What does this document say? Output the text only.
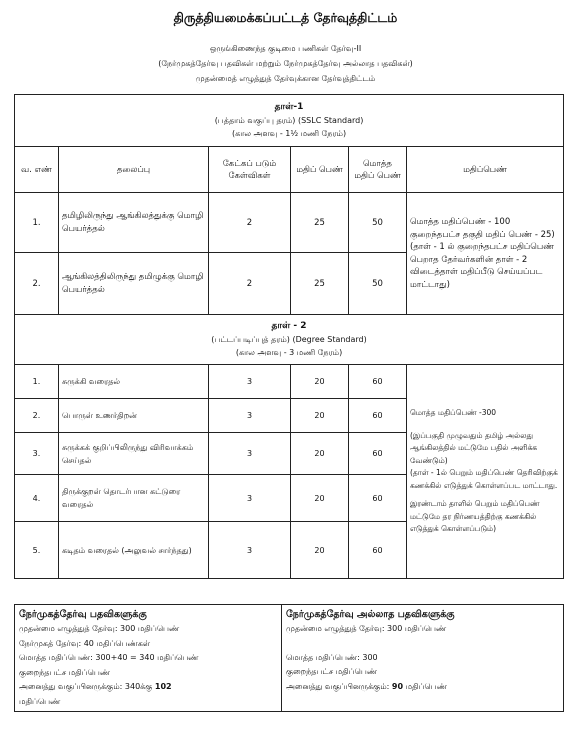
திருத்தியமைக்கப்பட்டத் தேர்வுத்திட்டம்
ஒருங்கிணைந்த குடிமை பணிகள் தேர்வு-II
(நேர்முகத்தேர்வு பதவிகள் மற்றும் நேர்முகத்தேர்வு அல்லாத பதவிகள்)
முதன்மைத் எழுத்துத் தேர்வுக்கான தேர்வுத்திட்டம்
தாள்-1
(பத்தாம் வகுப்பு தரம்) (SSLC Standard)
(கால அளவு - 1½ மணி நேரம்)					

வ. எண்	தலைப்பு	கேட்கப் படும் கேள்விகள்	மதிப் பெண்	மொத்த மதிப் பெண்	மதிப்பெண்
1.	தமிழிலிருந்து ஆங்கிலத்துக்கு மொழி பெயர்த்தல்	2	25	50	மொத்த மதிப்பெண் - 100 குறைந்தபட்ச தகுதி மதிப் பெண் - 25) (தாள் - 1 ல் குறைந்தபட்ச மதிப்பெண் பெறாத தேர்வர்களின் தாள் - 2 விடைத்தாள் மதிப்பீடு செய்யப்பட மாட்டாது)
2.	ஆங்கிலத்திலிருந்து தமிழுக்கு மொழி பெயர்த்தல்	2	25	50	

தாள் - 2
(பட்டப்படிப்புத் தரம்) (Degree Standard)
(கால அளவு - 3 மணி நேரம்)					

1.	சுருக்கி வரைதல்	3	20	60	மொத்த மதிப்பெண் -300
(இப்பகுதி முழுவதும் தமிழ் அல்லது ஆங்கிலத்தில் மட்டுமே பதில் அளிக்க வேண்டும்)
(தாள் - 1ல் பெறும் மதிப்பெண் தெரிவிற்குக் கணக்கில் எடுத்துக் கொள்ளப்பட மாட்டாது.
இரண்டாம் தாளில் பெறும் மதிப்பெண் மட்டுமே தர நிர்ணயத்திற்கு கணக்கில் எடுத்துக் கொள்ளப்படும்)

2.	பொருள் உணர்திறன்	3	20	60	
3.	சுருக்கக் குறிப்பிலிருந்து விரிவாக்கம் செய்தல்	3	20	60	
4.	திருக்குறள் தொடர்பான கட்டுரை வரைதல்	3	20	60	
5.	கடிதம் வரைதல் (அலுவல் சார்ந்தது)	3	20	60	
நேர்முகத்தேர்வு பதவிகளுக்கு
முதன்மை எழுத்துத் தேர்வு: 300 மதிப்பெண்
நேர்முகத் தேர்வு: 40 மதிப்பெண்கள்
மொத்த மதிப்பெண்: 300+40 = 340 மதிப்பெண்
குறைந்தபட்ச மதிப்பெண்
அனைத்து வகுப்பினருக்கும்: 340க்கு 102
மதிப்பெண்

நேர்முகத்தேர்வு அல்லாத பதவிகளுக்கு
முதன்மை எழுத்துத் தேர்வு: 300 மதிப்பெண்
மொத்த மதிப்பெண்: 300
குறைந்தபட்ச மதிப்பெண்
அனைத்து வகுப்பினருக்கும்: 90 மதிப்பெண்
